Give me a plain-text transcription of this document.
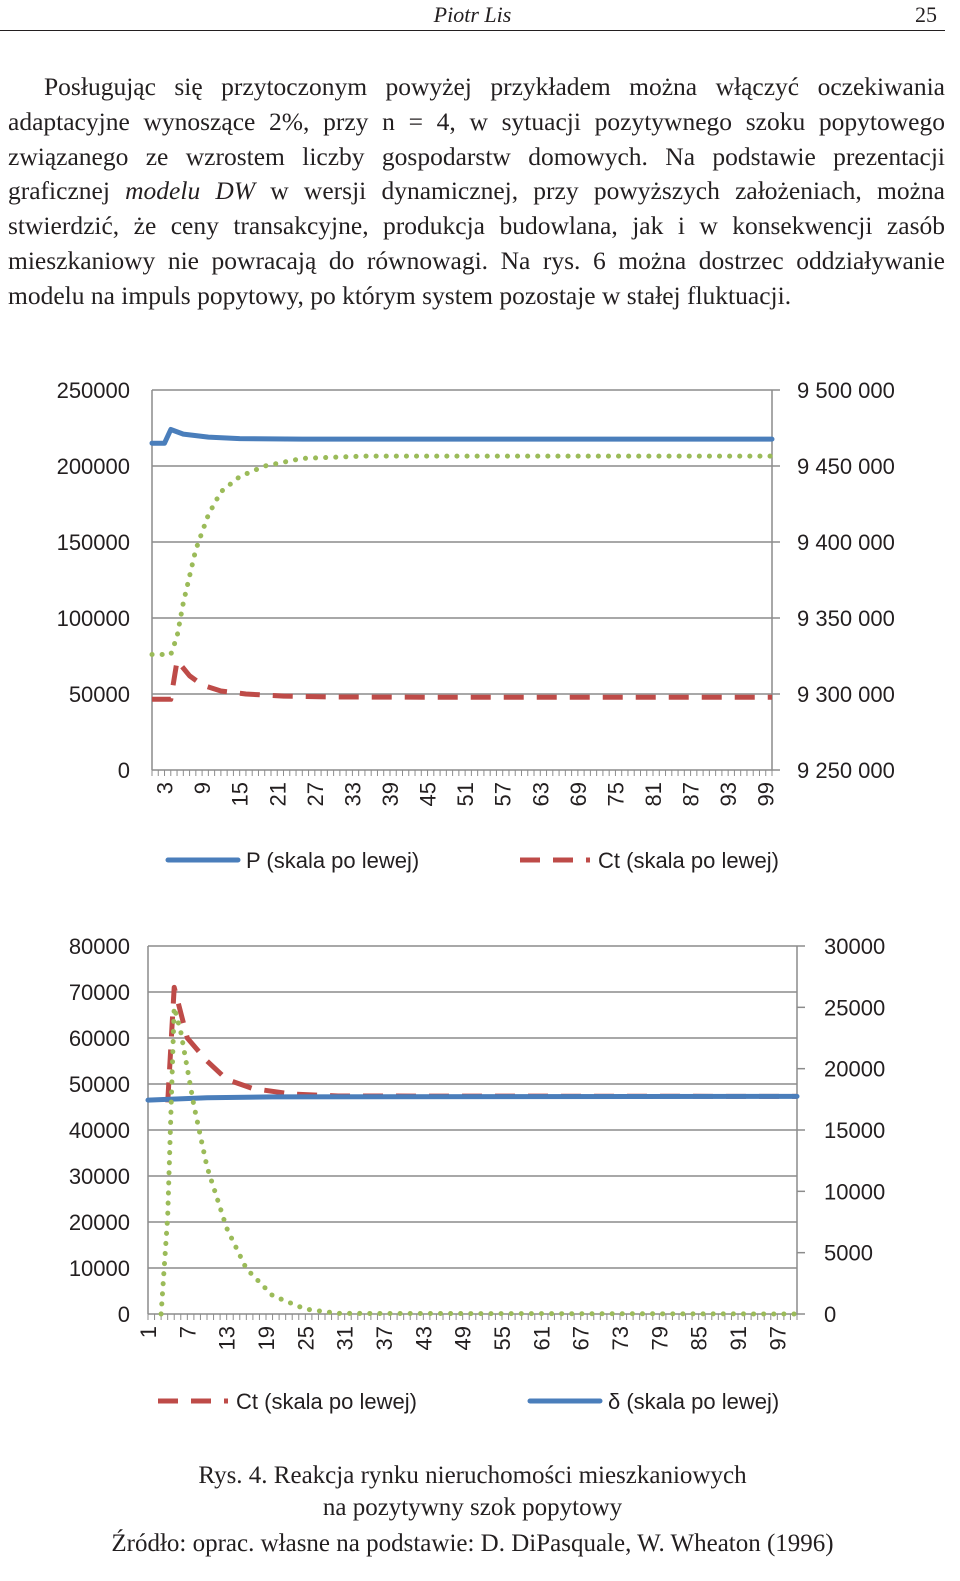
Piotr Lis	25

Posługując się przytoczonym powyżej przykładem można włączyć oczekiwania adaptacyjne wynoszące 2%, przy n = 4, w sytuacji pozytywnego szoku popytowego związanego ze wzrostem liczby gospodarstw domowych. Na podstawie prezentacji graficznej modelu DW w wersji dynamicznej, przy powyższych założeniach, można stwierdzić, że ceny transakcyjne, produkcja budowlana, jak i w konsekwencji zasób mieszkaniowy nie powracają do równowagi. Na rys. 6 można dostrzec oddziaływanie modelu na impuls popytowy, po którym system pozostaje w stałej fluktuacji.

250000
200000
150000
100000
50000
0
9 500 000
9 450 000
9 400 000
9 350 000
9 300 000
9 250 000
3 9 15 21 27 33 39 45 51 57 63 69 75 81 87 93 99
P (skala po lewej)	Ct (skala po lewej)
80000
70000
60000
50000
40000
30000
20000
10000
0
30000
25000
20000
15000
10000
5000
0
1 7 13 19 25 31 37 43 49 55 61 67 73 79 85 91 97
Ct (skala po lewej)	δ (skala po lewej)
Rys. 4. Reakcja rynku nieruchomości mieszkaniowych
na pozytywny szok popytowy
Źródło: oprac. własne na podstawie: D. DiPasquale, W. Wheaton (1996)
